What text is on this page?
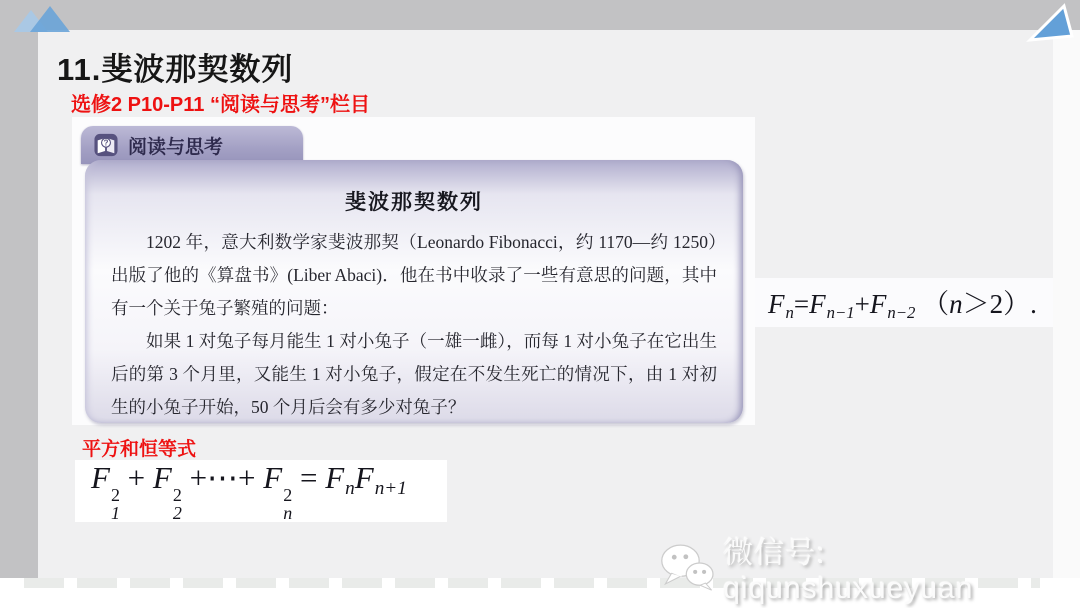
11.斐波那契数列
选修2 P10-P11 “阅读与思考”栏目
? 阅读与思考
斐波那契数列

1202 年，意大利数学家斐波那契（Leonardo Fibonacci，约 1170—约 1250）出版了他的《算盘书》(Liber Abaci)．他在书中收录了一些有意思的问题，其中有一个关于兔子繁殖的问题：

如果 1 对兔子每月能生 1 对小兔子（一雄一雌），而每 1 对小兔子在它出生后的第 3 个月里，又能生 1 对小兔子，假定在不发生死亡的情况下，由 1 对初生的小兔子开始，50 个月后会有多少对兔子？

Fn=Fn−1+Fn−2 （n＞2）.
平方和恒等式
F
2
1
+ F
2
2
+⋯+ F
2
n
= FnFn+1
微信号: qiqunshuxueyuan
